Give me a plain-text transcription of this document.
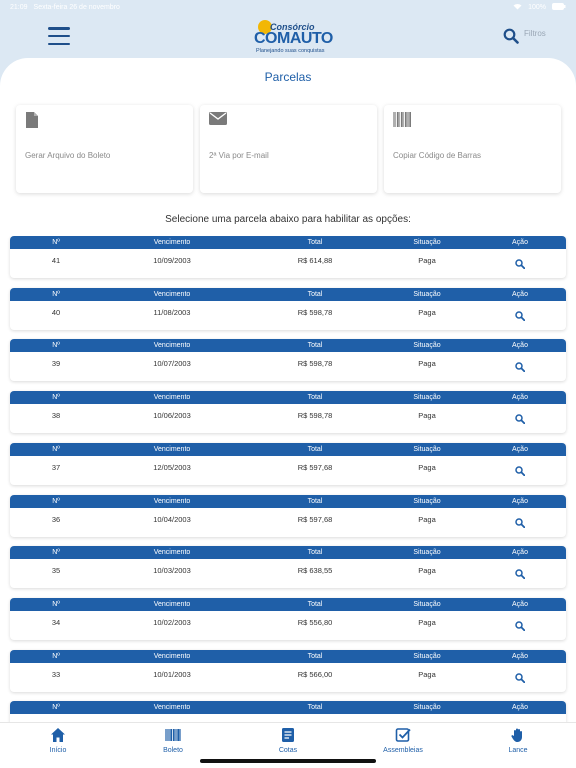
21:09 Sexta-feira 26 de novembro	100%
Consórcio
COMAUTO
Planejando suas conquistas
Filtros
Parcelas
Gerar Arquivo do Boleto	2ª Via por E-mail	Copiar Código de Barras
Selecione uma parcela abaixo para habilitar as opções:
Nº	Vencimento	Total	Situação	Ação
41	10/09/2003	R$ 614,88	Paga
Nº	Vencimento	Total	Situação	Ação
40	11/08/2003	R$ 598,78	Paga
Nº	Vencimento	Total	Situação	Ação
39	10/07/2003	R$ 598,78	Paga
Nº	Vencimento	Total	Situação	Ação
38	10/06/2003	R$ 598,78	Paga
Nº	Vencimento	Total	Situação	Ação
37	12/05/2003	R$ 597,68	Paga
Nº	Vencimento	Total	Situação	Ação
36	10/04/2003	R$ 597,68	Paga
Nº	Vencimento	Total	Situação	Ação
35	10/03/2003	R$ 638,55	Paga
Nº	Vencimento	Total	Situação	Ação
34	10/02/2003	R$ 556,80	Paga
Nº	Vencimento	Total	Situação	Ação
33	10/01/2003	R$ 566,00	Paga
Nº	Vencimento	Total	Situação	Ação
Início	Boleto	Cotas	Assembleias	Lance
